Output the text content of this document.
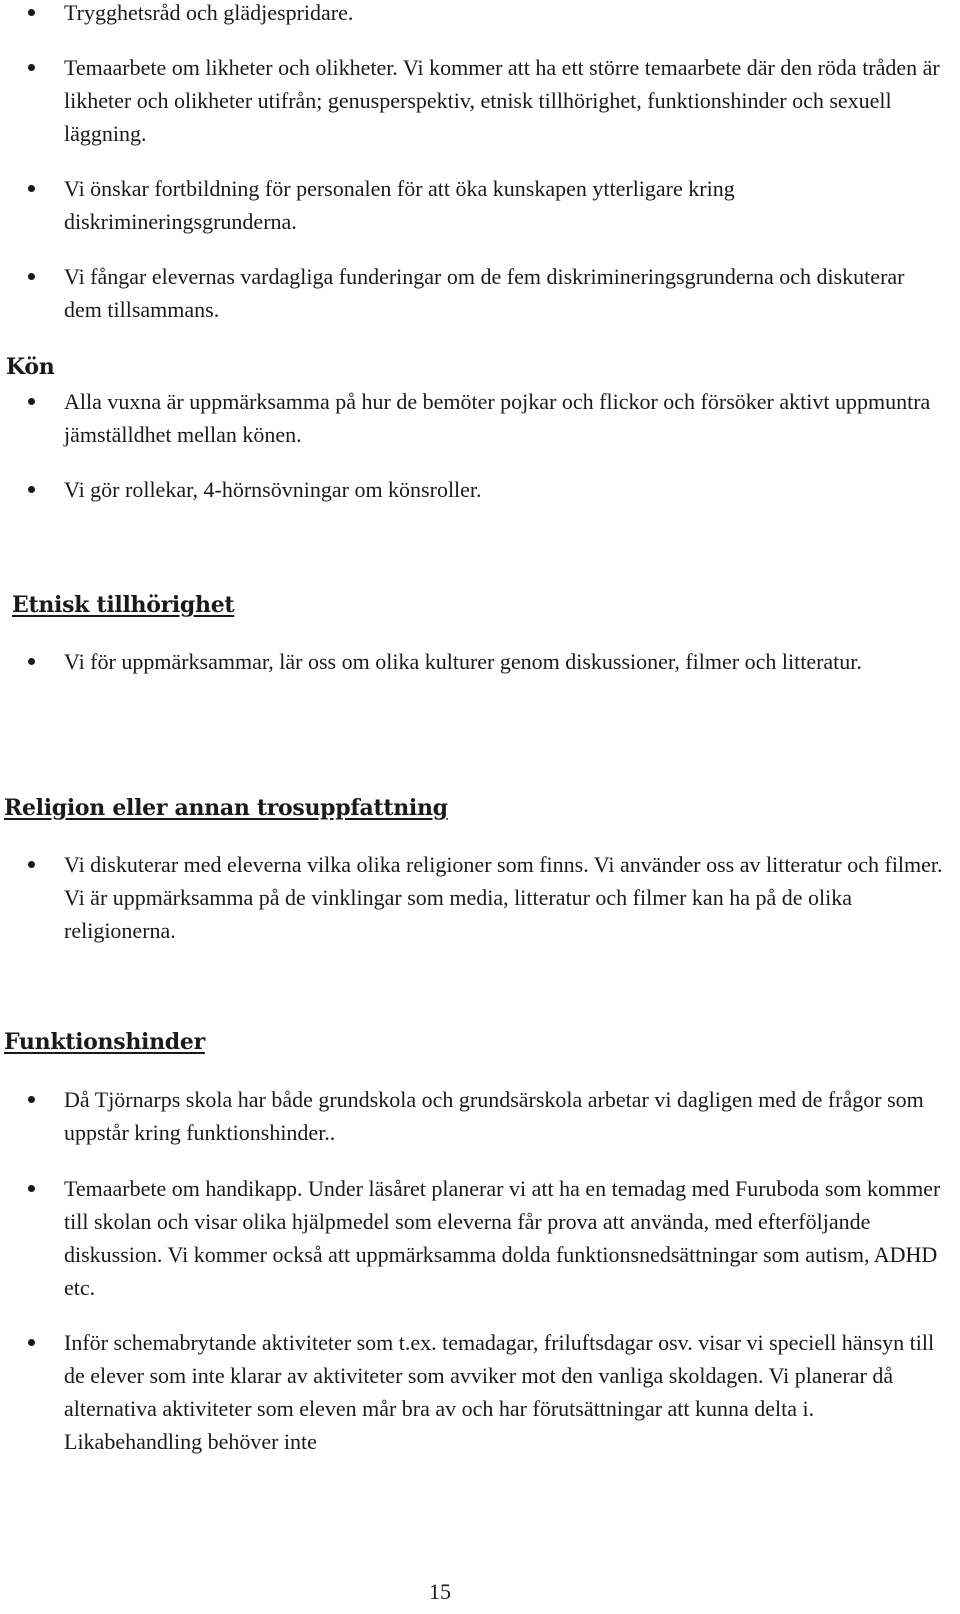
Trygghetsråd och glädjespridare.
Temaarbete om likheter och olikheter. Vi kommer att ha ett större temaarbete där den röda tråden är likheter och olikheter utifrån; genusperspektiv, etnisk tillhörighet, funktionshinder och sexuell läggning.
Vi önskar fortbildning för personalen för att öka kunskapen ytterligare kring diskrimineringsgrunderna.
Vi fångar elevernas vardagliga funderingar om de fem diskrimineringsgrunderna och diskuterar dem tillsammans.
Kön
Alla vuxna är uppmärksamma på hur de bemöter pojkar och flickor och försöker aktivt uppmuntra jämställdhet mellan könen.
Vi gör rollekar, 4-hörnsövningar om könsroller.
Etnisk tillhörighet
Vi för uppmärksammar, lär oss om olika kulturer genom diskussioner, filmer och litteratur.
Religion eller annan trosuppfattning
Vi diskuterar med eleverna vilka olika religioner som finns. Vi använder oss av litteratur och filmer. Vi är uppmärksamma på de vinklingar som media, litteratur och filmer kan ha på de olika religionerna.
Funktionshinder
Då Tjörnarps skola har både grundskola och grundsärskola arbetar vi dagligen med de frågor som uppstår kring funktionshinder..
Temaarbete om handikapp. Under läsåret planerar vi att ha en temadag med Furuboda som kommer till skolan och visar olika hjälpmedel som eleverna får prova att använda, med efterföljande diskussion. Vi kommer också att uppmärksamma dolda funktionsnedsättningar som autism, ADHD etc.
Inför schemabrytande aktiviteter som t.ex. temadagar, friluftsdagar osv. visar vi speciell hänsyn till de elever som inte klarar av aktiviteter som avviker mot den vanliga skoldagen. Vi planerar då alternativa aktiviteter som eleven mår bra av och har förutsättningar att kunna delta i. Likabehandling behöver inte
15
